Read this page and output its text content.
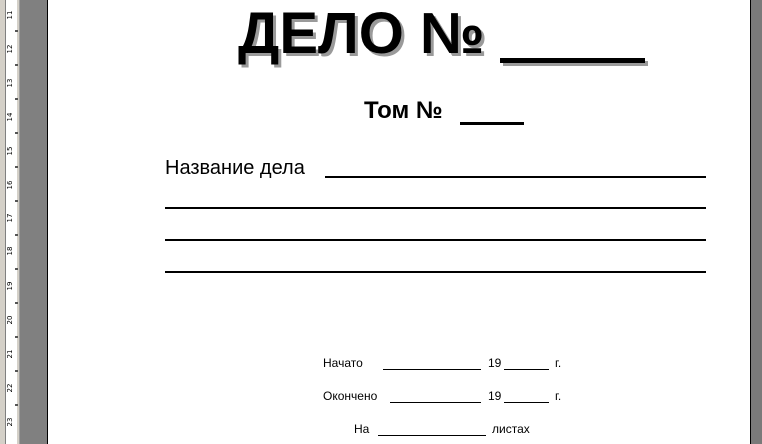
11
12
13
14
15
16
17
18
19
20
21
22
23
ДЕЛО №
Том №
Название дела
Начато	19	г.
Окончено	19	г.
На	листах
